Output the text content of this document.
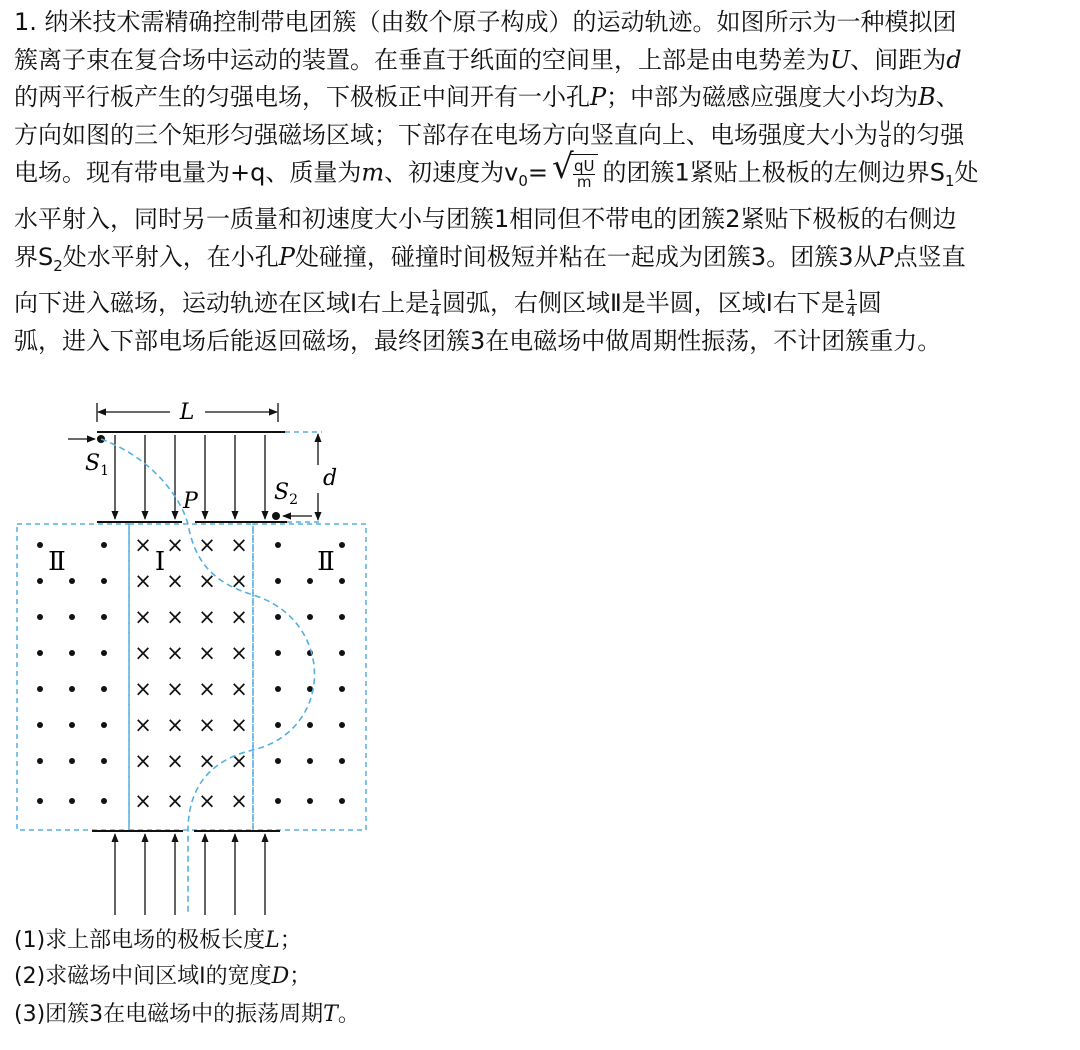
1. 纳米技术需精确控制带电团簇（由数个原子构成）的运动轨迹。如图所示为一种模拟团
簇离子束在复合场中运动的装置。在垂直于纸面的空间里，上部是由电势差为U、间距为d
的两平行板产生的匀强电场，下极板正中间开有一小孔P；中部为磁感应强度大小均为B、
方向如图的三个矩形匀强磁场区域；下部存在电场方向竖直向上、电场强度大小为 $\frac{U}{d}$ 的匀强
电场。现有带电量为+q、质量为m、初速度为$v_0=$ √ $\frac{qU}{m}$ 的团簇1紧贴上极板的左侧边界$S_1$处
水平射入，同时另一质量和初速度大小与团簇1相同但不带电的团簇2紧贴下极板的右侧边
界$S_2$处水平射入，在小孔P处碰撞，碰撞时间极短并粘在一起成为团簇3。团簇3从P点竖直
向下进入磁场，运动轨迹在区域Ⅰ右上是 $\frac{1}{4}$ 圆弧，右侧区域Ⅱ是半圆，区域Ⅰ右下是 $\frac{1}{4}$ 圆
弧，进入下部电场后能返回磁场，最终团簇3在电磁场中做周期性振荡，不计团簇重力。
L
d
$S_1$
$S_2$
P
Ⅱ	Ⅰ	Ⅱ
× × × ×
× × × ×
× × × ×
× × × ×
× × × ×
× × × ×
× × × ×
× × × ×
(1)求上部电场的极板长度L；
(2)求磁场中间区域Ⅰ的宽度D；
(3)团簇3在电磁场中的振荡周期T。
